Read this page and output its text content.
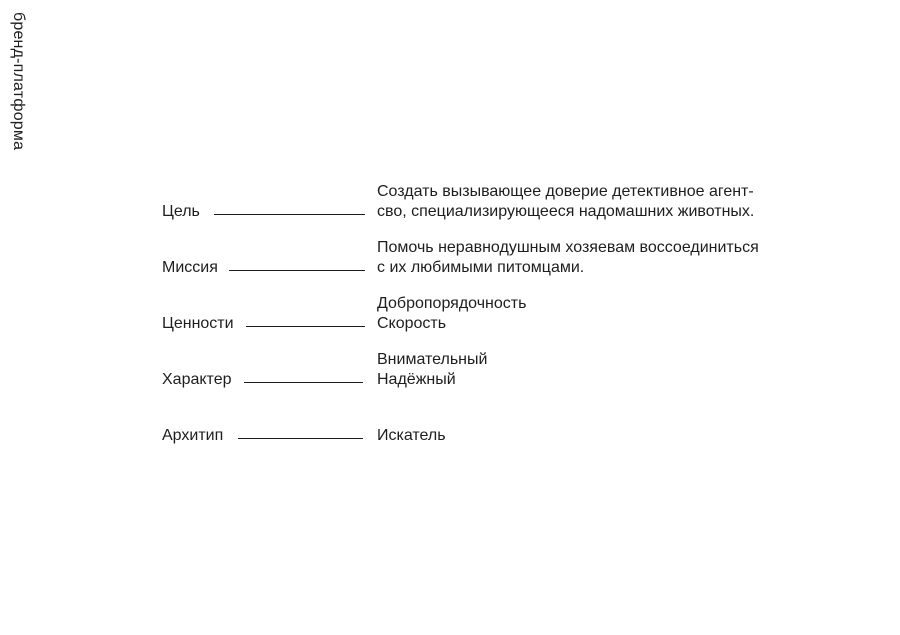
бренд-платформа
Цель
Создать вызывающее доверие детективное агент-
сво, специализирующееся надомашних животных.
Миссия
Помочь неравнодушным хозяевам воссоединиться
с их любимыми питомцами.
Ценности
Добропорядочность
Скорость
Характер
Внимательный
Надёжный
Архитип	Искатель
